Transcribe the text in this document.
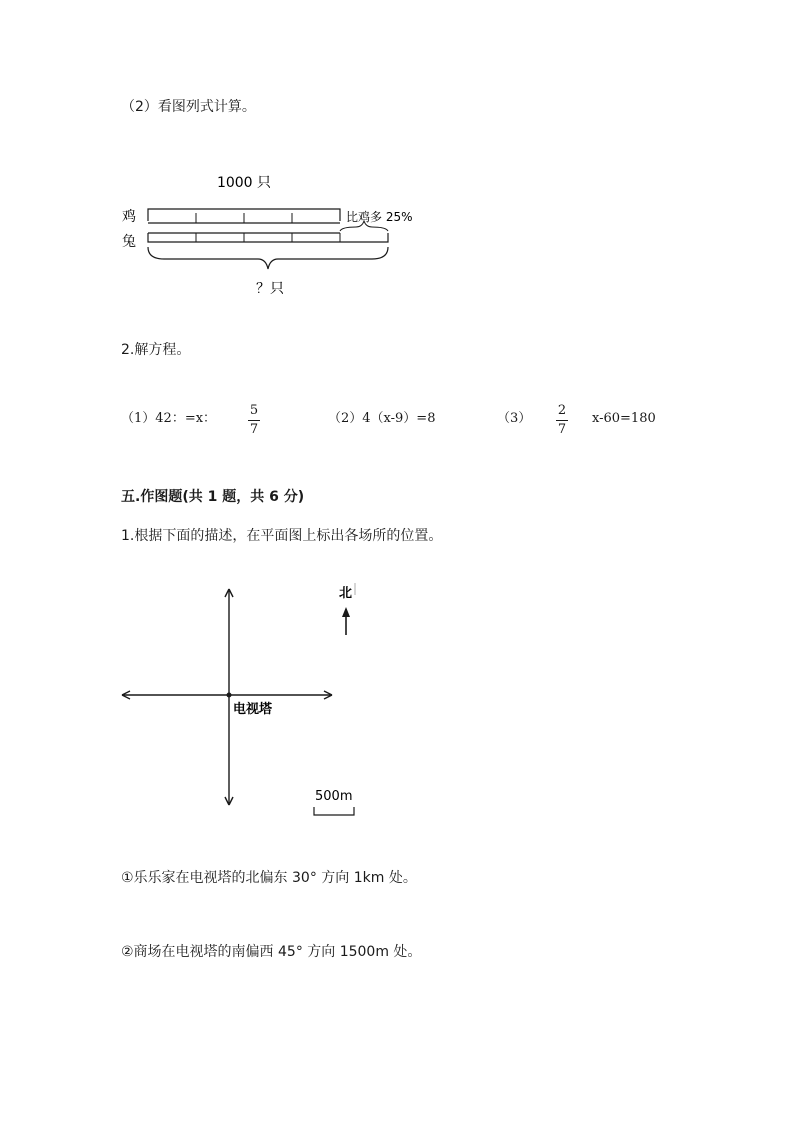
（2）看图列式计算。
1000 只
鸡
兔
比鸡多 25%
？只
2.解方程。
（1）42：=x：
5
7
（2）4（x-9）=8	（3）
2
7
x-60=180
五.作图题(共 1 题，共 6 分)
1.根据下面的描述，在平面图上标出各场所的位置。
电视塔
北
500m
①乐乐家在电视塔的北偏东 30° 方向 1km 处。
②商场在电视塔的南偏西 45° 方向 1500m 处。
